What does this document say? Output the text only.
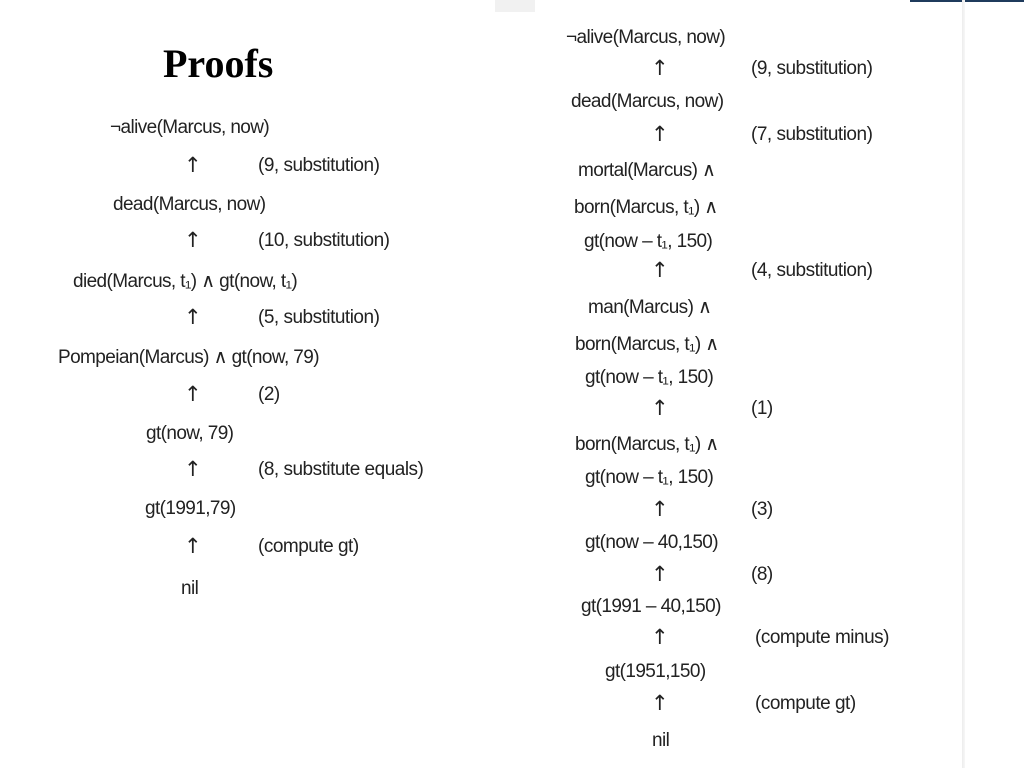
Proofs
¬alive(Marcus, now)
↑	(9, substitution)
dead(Marcus, now)
↑	(10, substitution)
died(Marcus, t₁) ∧ gt(now, t₁)
↑	(5, substitution)
Pompeian(Marcus) ∧ gt(now, 79)
↑	(2)
gt(now, 79)
↑	(8, substitute equals)
gt(1991,79)
↑	(compute gt)
nil
¬alive(Marcus, now)
↑	(9, substitution)
dead(Marcus, now)
↑	(7, substitution)
mortal(Marcus) ∧
born(Marcus, t₁) ∧
gt(now – t₁, 150)
↑	(4, substitution)
man(Marcus) ∧
born(Marcus, t₁) ∧
gt(now – t₁, 150)
↑	(1)
born(Marcus, t₁) ∧
gt(now – t₁, 150)
↑	(3)
gt(now – 40,150)
↑	(8)
gt(1991 – 40,150)
↑	(compute minus)
gt(1951,150)
↑	(compute gt)
nil
